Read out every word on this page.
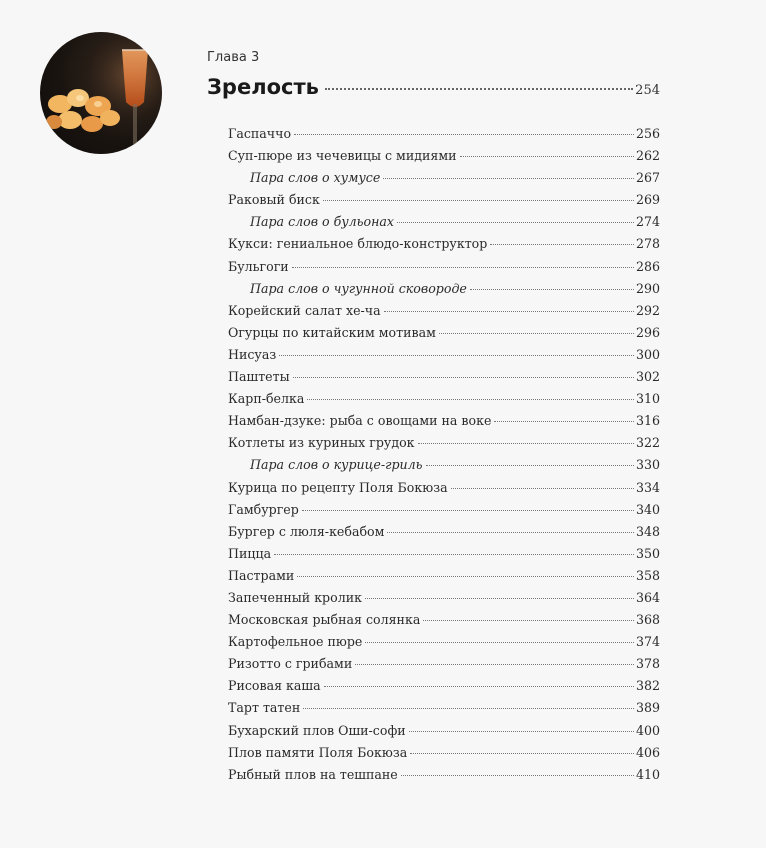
Глава 3
Зрелость	254
Гаспаччо	256
Суп-пюре из чечевицы с мидиями	262
Пара слов о хумусе	267
Раковый биск	269
Пара слов о бульонах	274
Кукси: гениальное блюдо-конструктор	278
Бульгоги	286
Пара слов о чугунной сковороде	290
Корейский салат хе-ча	292
Огурцы по китайским мотивам	296
Нисуаз	300
Паштеты	302
Карп-белка	310
Намбан-дзуке: рыба с овощами на воке	316
Котлеты из куриных грудок	322
Пара слов о курице-гриль	330
Курица по рецепту Поля Бокюза	334
Гамбургер	340
Бургер с люля-кебабом	348
Пицца	350
Пастрами	358
Запеченный кролик	364
Московская рыбная солянка	368
Картофельное пюре	374
Ризотто с грибами	378
Рисовая каша	382
Тарт татен	389
Бухарский плов Оши-софи	400
Плов памяти Поля Бокюза	406
Рыбный плов на тешпане	410
